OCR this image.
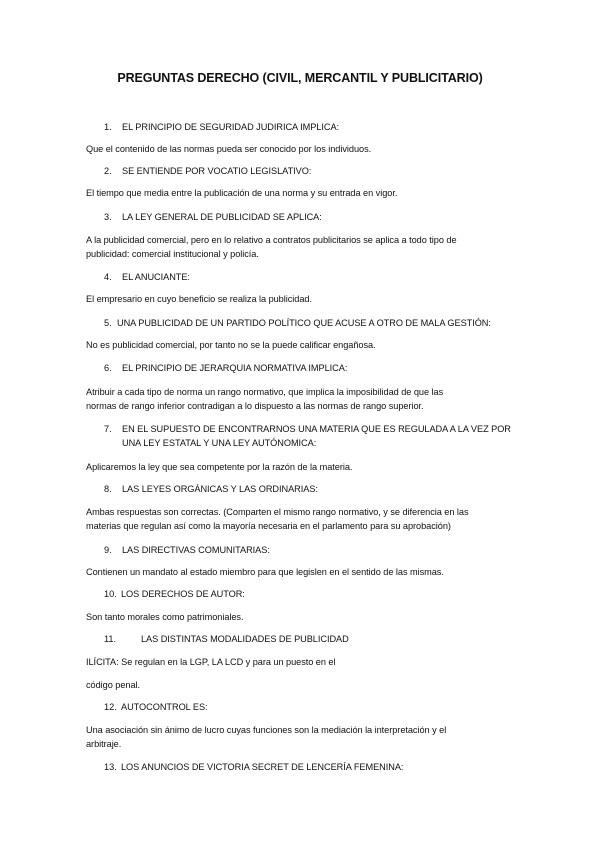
PREGUNTAS DERECHO (CIVIL, MERCANTIL Y PUBLICITARIO)
1. EL PRINCIPIO DE SEGURIDAD JUDIRICA IMPLICA:
Que el contenido de las normas pueda ser conocido por los individuos.
2. SE ENTIENDE POR VOCATIO LEGISLATIVO:
El tiempo que media entre la publicación de una norma y su entrada en vigor.
3. LA LEY GENERAL DE PUBLICIDAD SE APLICA:
A la publicidad comercial, pero en lo relativo a contratos publicitarios se aplica a todo tipo de
publicidad: comercial institucional y policía.
4. EL ANUCIANTE:
El empresario en cuyo beneficio se realiza la publicidad.
5. UNA PUBLICIDAD DE UN PARTIDO POLÍTICO QUE ACUSE A OTRO DE MALA GESTIÓN:
No es publicidad comercial, por tanto no se la puede calificar engañosa.
6. EL PRINCIPIO DE JERARQUIA NORMATIVA IMPLICA:
Atribuir a cada tipo de norma un rango normativo, que implica la imposibilidad de que las
normas de rango inferior contradigan a lo dispuesto a las normas de rango superior.
7. EN EL SUPUESTO DE ENCONTRARNOS UNA MATERIA QUE ES REGULADA A LA VEZ POR
UNA LEY ESTATAL Y UNA LEY AUTÓNOMICA:
Aplicaremos la ley que sea competente por la razón de la materia.
8. LAS LEYES ORGÁNICAS Y LAS ORDINARIAS:
Ambas respuestas son correctas. (Comparten el mismo rango normativo, y se diferencia en las
materias que regulan así como la mayoría necesaria en el parlamento para su aprobación)
9. LAS DIRECTIVAS COMUNITARIAS:
Contienen un mandato al estado miembro para que legislen en el sentido de las mismas.
10. LOS DERECHOS DE AUTOR:
Son tanto morales como patrimoniales.
11.	LAS DISTINTAS MODALIDADES DE PUBLICIDAD
ILÍCITA: Se regulan en la LGP, LA LCD y para un puesto en el
código penal.
12. AUTOCONTROL ES:
Una asociación sin ánimo de lucro cuyas funciones son la mediación la interpretación y el
arbitraje.
13. LOS ANUNCIOS DE VICTORIA SECRET DE LENCERÍA FEMENINA:
